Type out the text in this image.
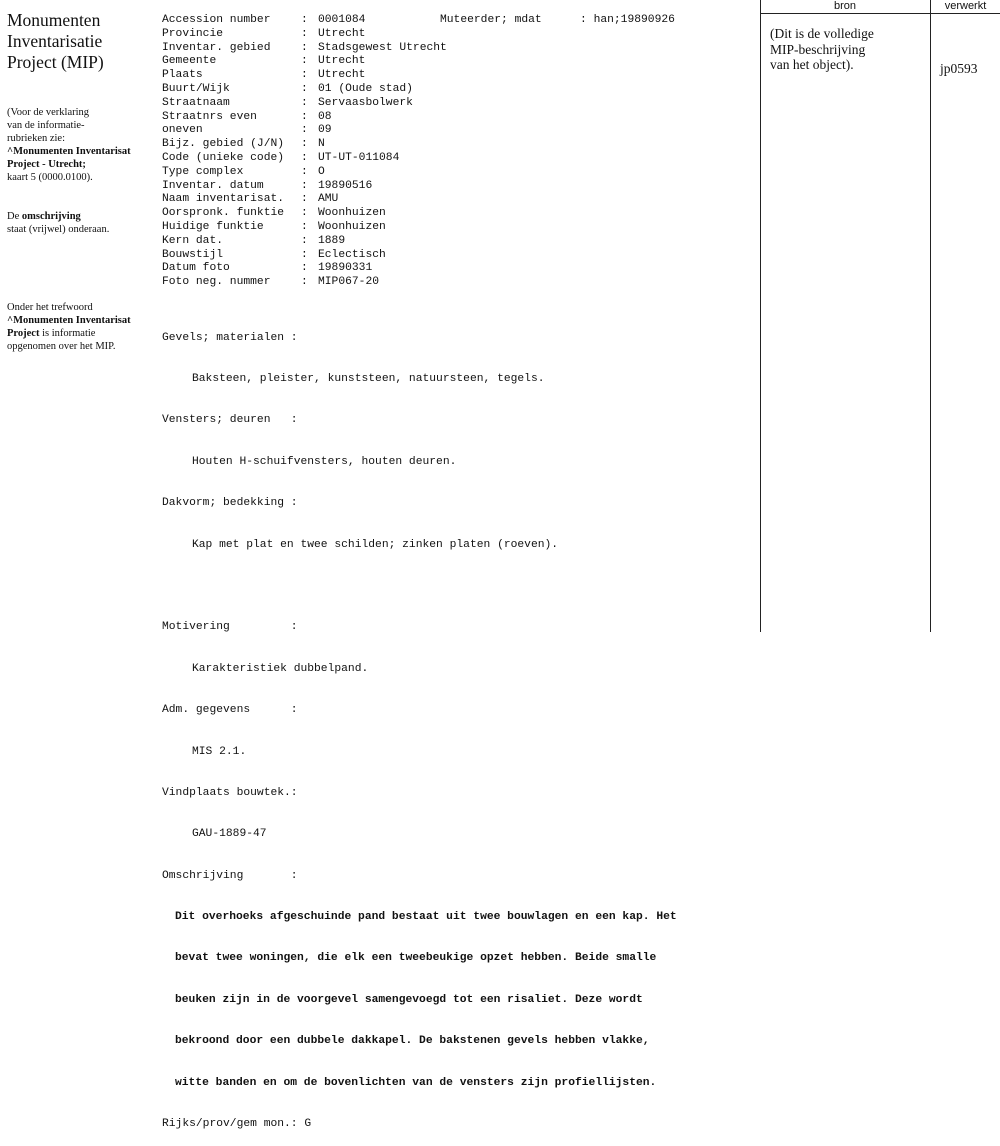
Monumenten
Inventarisatie
Project (MIP)
(Voor de verklaring
van de informatie-
rubrieken zie:
^Monumenten Inventarisat
Project - Utrecht;
kaart 5 (0000.0100).
De omschrijving
staat (vrijwel) onderaan.
Onder het trefwoord
^Monumenten Inventarisat
Project is informatie
opgenomen over het MIP.
Accession number	: 0001084
Provincie	: Utrecht
Inventar. gebied	: Stadsgewest Utrecht
Gemeente	: Utrecht
Plaats	: Utrecht
Buurt/Wijk	: 01 (Oude stad)
Straatnaam	: Servaasbolwerk
Straatnrs even	: 08
oneven	: 09
Bijz. gebied (J/N)	: N
Code (unieke code)	: UT-UT-011084
Type complex	: O
Inventar. datum	: 19890516
Naam inventarisat.	: AMU
Oorspronk. funktie	: Woonhuizen
Huidige funktie	: Woonhuizen
Kern dat.	: 1889
Bouwstijl	: Eclectisch
Datum foto	: 19890331
Foto neg. nummer	: MIP067-20
Muteerder; mdat	: han;19890926

Gevels; materialen :

Baksteen, pleister, kunststeen, natuursteen, tegels.

Vensters; deuren   :

Houten H-schuifvensters, houten deuren.

Dakvorm; bedekking :

Kap met plat en twee schilden; zinken platen (roeven).

Motivering         :

Karakteristiek dubbelpand.

Adm. gegevens      :

MIS 2.1.

Vindplaats bouwtek.:

GAU-1889-47

Omschrijving       :

Dit overhoeks afgeschuinde pand bestaat uit twee bouwlagen en een kap. Het

bevat twee woningen, die elk een tweebeukige opzet hebben. Beide smalle

beuken zijn in de voorgevel samengevoegd tot een risaliet. Deze wordt

bekroond door een dubbele dakkapel. De bakstenen gevels hebben vlakke,

witte banden en om de bovenlichten van de vensters zijn profiellijsten.

Rijks/prov/gem mon.: G

bron	verwerkt
(Dit is de volledige
MIP-beschrijving
van het object).	jp0593
